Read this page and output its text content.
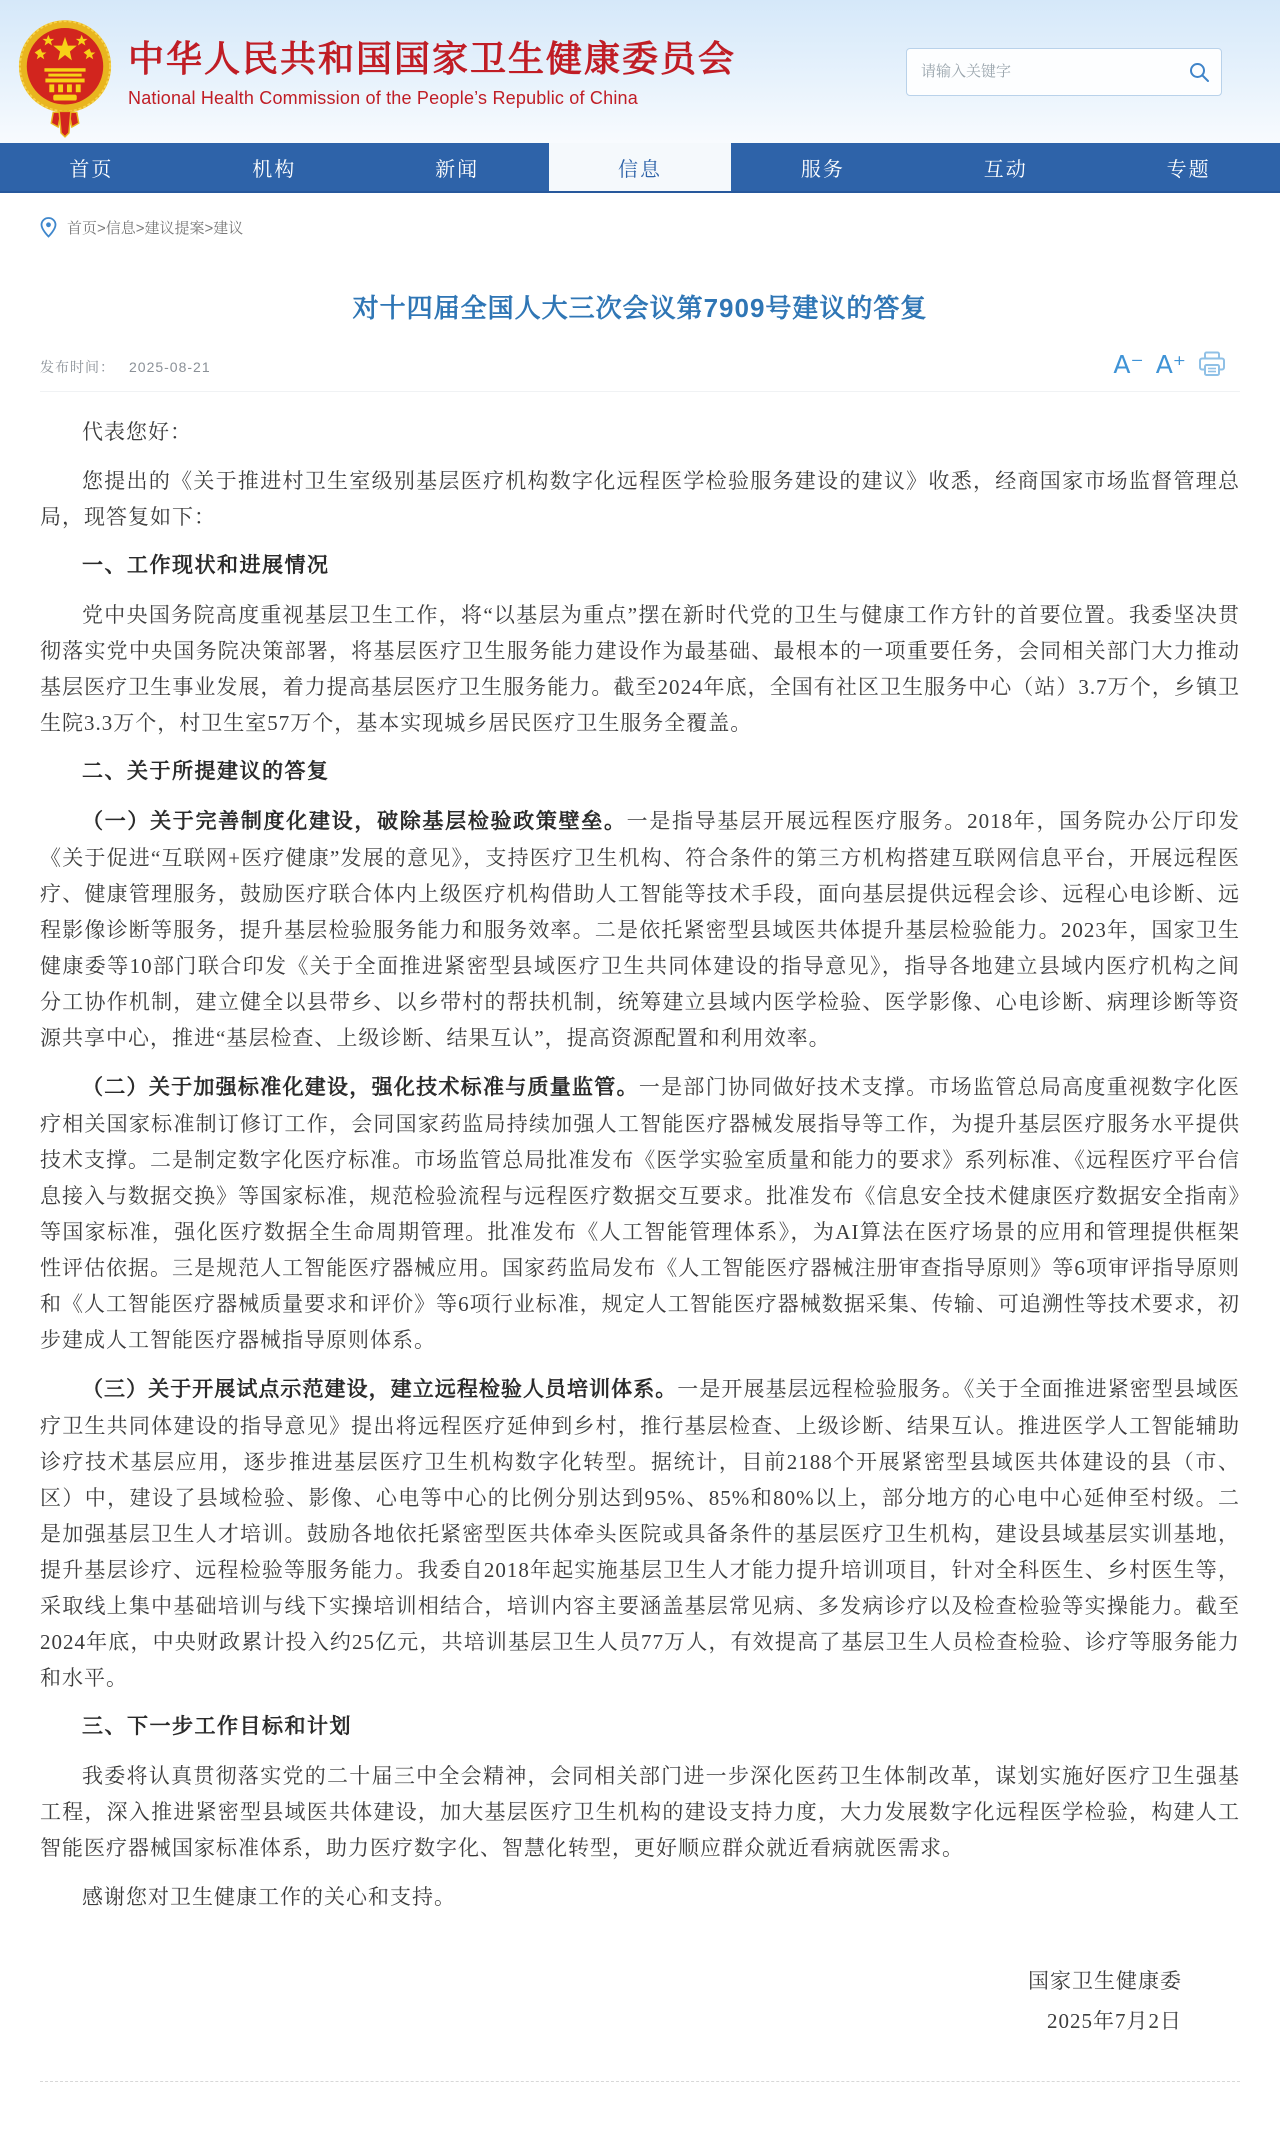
中华人民共和国国家卫生健康委员会
National Health Commission of the People’s Republic of China
请输入关键字
首页	机构	新闻	信息	服务	互动	专题
首页>信息>建议提案>建议
对十四届全国人大三次会议第7909号建议的答复
发布时间： 2025-08-21	A⁻ A⁺

代表您好：

您提出的《关于推进村卫生室级别基层医疗机构数字化远程医学检验服务建设的建议》收悉，经商国家市场监督管理总局，现答复如下：

一、工作现状和进展情况

党中央国务院高度重视基层卫生工作，将“以基层为重点”摆在新时代党的卫生与健康工作方针的首要位置。我委坚决贯彻落实党中央国务院决策部署，将基层医疗卫生服务能力建设作为最基础、最根本的一项重要任务，会同相关部门大力推动基层医疗卫生事业发展，着力提高基层医疗卫生服务能力。截至2024年底，全国有社区卫生服务中心（站）3.7万个，乡镇卫生院3.3万个，村卫生室57万个，基本实现城乡居民医疗卫生服务全覆盖。

二、关于所提建议的答复

（一）关于完善制度化建设，破除基层检验政策壁垒。一是指导基层开展远程医疗服务。2018年，国务院办公厅印发《关于促进“互联网+医疗健康”发展的意见》，支持医疗卫生机构、符合条件的第三方机构搭建互联网信息平台，开展远程医疗、健康管理服务，鼓励医疗联合体内上级医疗机构借助人工智能等技术手段，面向基层提供远程会诊、远程心电诊断、远程影像诊断等服务，提升基层检验服务能力和服务效率。二是依托紧密型县域医共体提升基层检验能力。2023年，国家卫生健康委等10部门联合印发《关于全面推进紧密型县域医疗卫生共同体建设的指导意见》，指导各地建立县域内医疗机构之间分工协作机制，建立健全以县带乡、以乡带村的帮扶机制，统筹建立县域内医学检验、医学影像、心电诊断、病理诊断等资源共享中心，推进“基层检查、上级诊断、结果互认”，提高资源配置和利用效率。

（二）关于加强标准化建设，强化技术标准与质量监管。一是部门协同做好技术支撑。市场监管总局高度重视数字化医疗相关国家标准制订修订工作，会同国家药监局持续加强人工智能医疗器械发展指导等工作，为提升基层医疗服务水平提供技术支撑。二是制定数字化医疗标准。市场监管总局批准发布《医学实验室质量和能力的要求》系列标准、《远程医疗平台信息接入与数据交换》等国家标准，规范检验流程与远程医疗数据交互要求。批准发布《信息安全技术健康医疗数据安全指南》等国家标准，强化医疗数据全生命周期管理。批准发布《人工智能管理体系》，为AI算法在医疗场景的应用和管理提供框架性评估依据。三是规范人工智能医疗器械应用。国家药监局发布《人工智能医疗器械注册审查指导原则》等6项审评指导原则和《人工智能医疗器械质量要求和评价》等6项行业标准，规定人工智能医疗器械数据采集、传输、可追溯性等技术要求，初步建成人工智能医疗器械指导原则体系。

（三）关于开展试点示范建设，建立远程检验人员培训体系。一是开展基层远程检验服务。《关于全面推进紧密型县域医疗卫生共同体建设的指导意见》提出将远程医疗延伸到乡村，推行基层检查、上级诊断、结果互认。推进医学人工智能辅助诊疗技术基层应用，逐步推进基层医疗卫生机构数字化转型。据统计，目前2188个开展紧密型县域医共体建设的县（市、区）中，建设了县域检验、影像、心电等中心的比例分别达到95%、85%和80%以上，部分地方的心电中心延伸至村级。二是加强基层卫生人才培训。鼓励各地依托紧密型医共体牵头医院或具备条件的基层医疗卫生机构，建设县域基层实训基地，提升基层诊疗、远程检验等服务能力。我委自2018年起实施基层卫生人才能力提升培训项目，针对全科医生、乡村医生等，采取线上集中基础培训与线下实操培训相结合，培训内容主要涵盖基层常见病、多发病诊疗以及检查检验等实操能力。截至2024年底，中央财政累计投入约25亿元，共培训基层卫生人员77万人，有效提高了基层卫生人员检查检验、诊疗等服务能力和水平。

三、下一步工作目标和计划

我委将认真贯彻落实党的二十届三中全会精神，会同相关部门进一步深化医药卫生体制改革，谋划实施好医疗卫生强基工程，深入推进紧密型县域医共体建设，加大基层医疗卫生机构的建设支持力度，大力发展数字化远程医学检验，构建人工智能医疗器械国家标准体系，助力医疗数字化、智慧化转型，更好顺应群众就近看病就医需求。

感谢您对卫生健康工作的关心和支持。

国家卫生健康委
2025年7月2日
